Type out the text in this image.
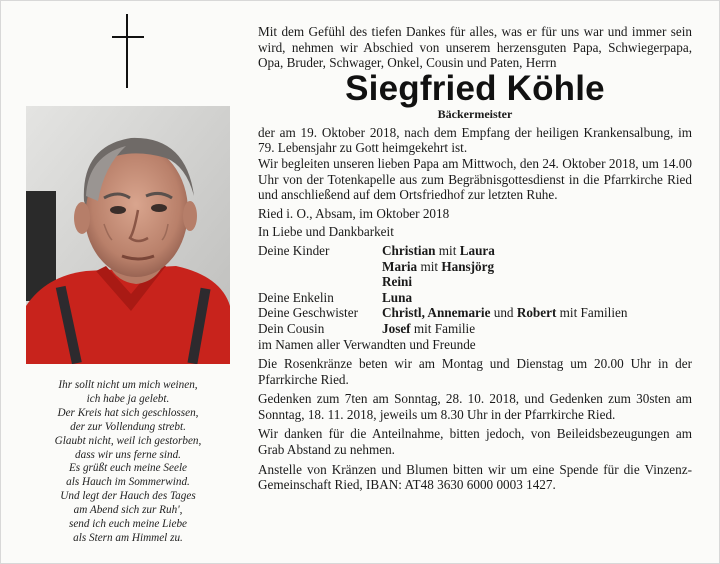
Ihr sollt nicht um mich weinen,
ich habe ja gelebt.
Der Kreis hat sich geschlossen,
der zur Vollendung strebt.
Glaubt nicht, weil ich gestorben,
dass wir uns ferne sind.
Es grüßt euch meine Seele
als Hauch im Sommerwind.
Und legt der Hauch des Tages
am Abend sich zur Ruh',
send ich euch meine Liebe
als Stern am Himmel zu.

Mit dem Gefühl des tiefen Dankes für alles, was er für uns war und immer sein wird, nehmen wir Abschied von unserem herzensguten Papa, Schwiegerpapa, Opa, Bruder, Schwager, Onkel, Cousin und Paten, Herrn

Siegfried Köhle
Bäckermeister

der am 19. Oktober 2018, nach dem Empfang der heiligen Krankensalbung, im 79. Lebensjahr zu Gott heimgekehrt ist.

Wir begleiten unseren lieben Papa am Mittwoch, den 24. Oktober 2018, um 14.00 Uhr von der Totenkapelle aus zum Begräbnisgottesdienst in die Pfarrkirche Ried und anschließend auf dem Ortsfriedhof zur letzten Ruhe.

Ried i. O., Absam, im Oktober 2018

In Liebe und Dankbarkeit

Deine Kinder	Christian mit Laura
Maria mit Hansjörg
Reini
Deine Enkelin	Luna
Deine Geschwister	Christl, Annemarie und Robert mit Familien
Dein Cousin	Josef mit Familie
im Namen aller Verwandten und Freunde

Die Rosenkränze beten wir am Montag und Dienstag um 20.00 Uhr in der Pfarrkirche Ried.

Gedenken zum 7ten am Sonntag, 28. 10. 2018, und Gedenken zum 30sten am Sonntag, 18. 11. 2018, jeweils um 8.30 Uhr in der Pfarrkirche Ried.

Wir danken für die Anteilnahme, bitten jedoch, von Beileidsbezeugungen am Grab Abstand zu nehmen.

Anstelle von Kränzen und Blumen bitten wir um eine Spende für die Vinzenz-Gemeinschaft Ried, IBAN: AT48 3630 6000 0003 1427.
